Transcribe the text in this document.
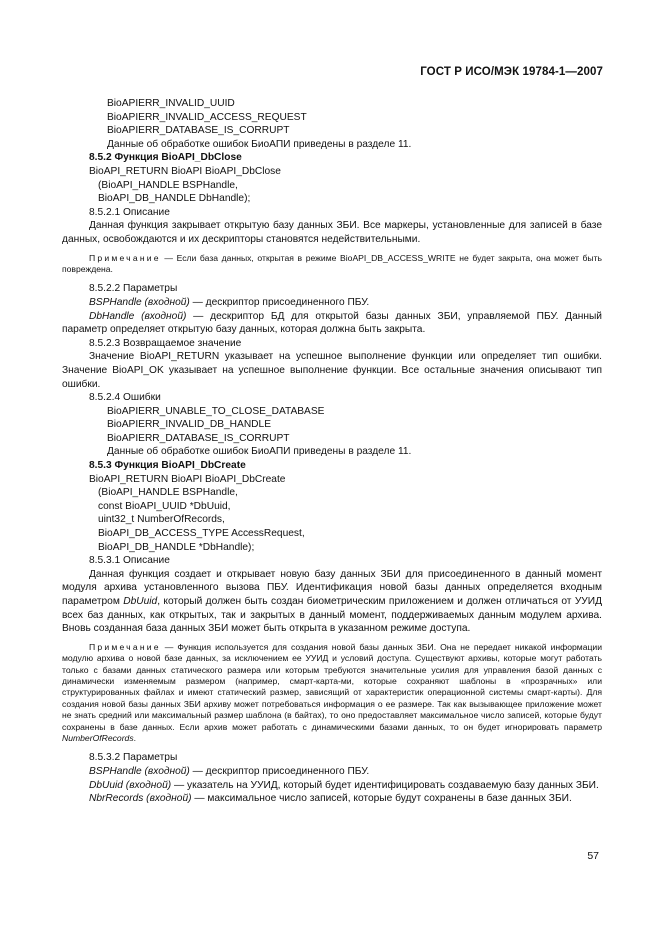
ГОСТ Р ИСО/МЭК 19784-1—2007
BioAPIERR_INVALID_UUID
BioAPIERR_INVALID_ACCESS_REQUEST
BioAPIERR_DATABASE_IS_CORRUPT
Данные об обработке ошибок БиоАПИ приведены в разделе 11.
8.5.2 Функция BioAPI_DbClose
BioAPI_RETURN BioAPI BioAPI_DbClose
(BioAPI_HANDLE BSPHandle,
BioAPI_DB_HANDLE DbHandle);
8.5.2.1 Описание
Данная функция закрывает открытую базу данных ЗБИ. Все маркеры, установленные для записей в базе данных, освобождаются и их дескрипторы становятся недействительными.
Примечание — Если база данных, открытая в режиме BioAPI_DB_ACCESS_WRITE не будет закрыта, она может быть повреждена.
8.5.2.2 Параметры
BSPHandle (входной) — дескриптор присоединенного ПБУ.
DbHandle (входной) — дескриптор БД для открытой базы данных ЗБИ, управляемой ПБУ. Данный параметр определяет открытую базу данных, которая должна быть закрыта.
8.5.2.3 Возвращаемое значение
Значение BioAPI_RETURN указывает на успешное выполнение функции или определяет тип ошибки. Значение BioAPI_OK указывает на успешное выполнение функции. Все остальные значения описывают тип ошибки.
8.5.2.4 Ошибки
BioAPIERR_UNABLE_TO_CLOSE_DATABASE
BioAPIERR_INVALID_DB_HANDLE
BioAPIERR_DATABASE_IS_CORRUPT
Данные об обработке ошибок БиоАПИ приведены в разделе 11.
8.5.3 Функция BioAPI_DbCreate
BioAPI_RETURN BioAPI BioAPI_DbCreate
(BioAPI_HANDLE BSPHandle,
const BioAPI_UUID *DbUuid,
uint32_t NumberOfRecords,
BioAPI_DB_ACCESS_TYPE AccessRequest,
BioAPI_DB_HANDLE *DbHandle);
8.5.3.1 Описание
Данная функция создает и открывает новую базу данных ЗБИ для присоединенного в данный момент модуля архива установленного вызова ПБУ. Идентификация новой базы данных определяется входным параметром DbUuid, который должен быть создан биометрическим приложением и должен отличаться от УУИД всех баз данных, как открытых, так и закрытых в данный момент, поддерживаемых данным модулем архива. Вновь созданная база данных ЗБИ может быть открыта в указанном режиме доступа.
Примечание — Функция используется для создания новой базы данных ЗБИ. Она не передает никакой информации модулю архива о новой базе данных, за исключением ее УУИД и условий доступа. Существуют архивы, которые могут работать только с базами данных статического размера или которым требуются значительные усилия для управления базой данных с динамически изменяемым размером (например, смарт-карта-ми, которые сохраняют шаблоны в «прозрачных» или структурированных файлах и имеют статический размер, зависящий от характеристик операционной системы смарт-карты). Для создания новой базы данных ЗБИ архиву может потребоваться информация о ее размере. Так как вызывающее приложение может не знать средний или максимальный размер шаблона (в байтах), то оно предоставляет максимальное число записей, которые будут сохранены в базе данных. Если архив может работать с динамическими базами данных, то он будет игнорировать параметр NumberOfRecords.
8.5.3.2 Параметры
BSPHandle (входной) — дескриптор присоединенного ПБУ.
DbUuid (входной) — указатель на УУИД, который будет идентифицировать создаваемую базу данных ЗБИ.
NbrRecords (входной) — максимальное число записей, которые будут сохранены в базе данных ЗБИ.
57
